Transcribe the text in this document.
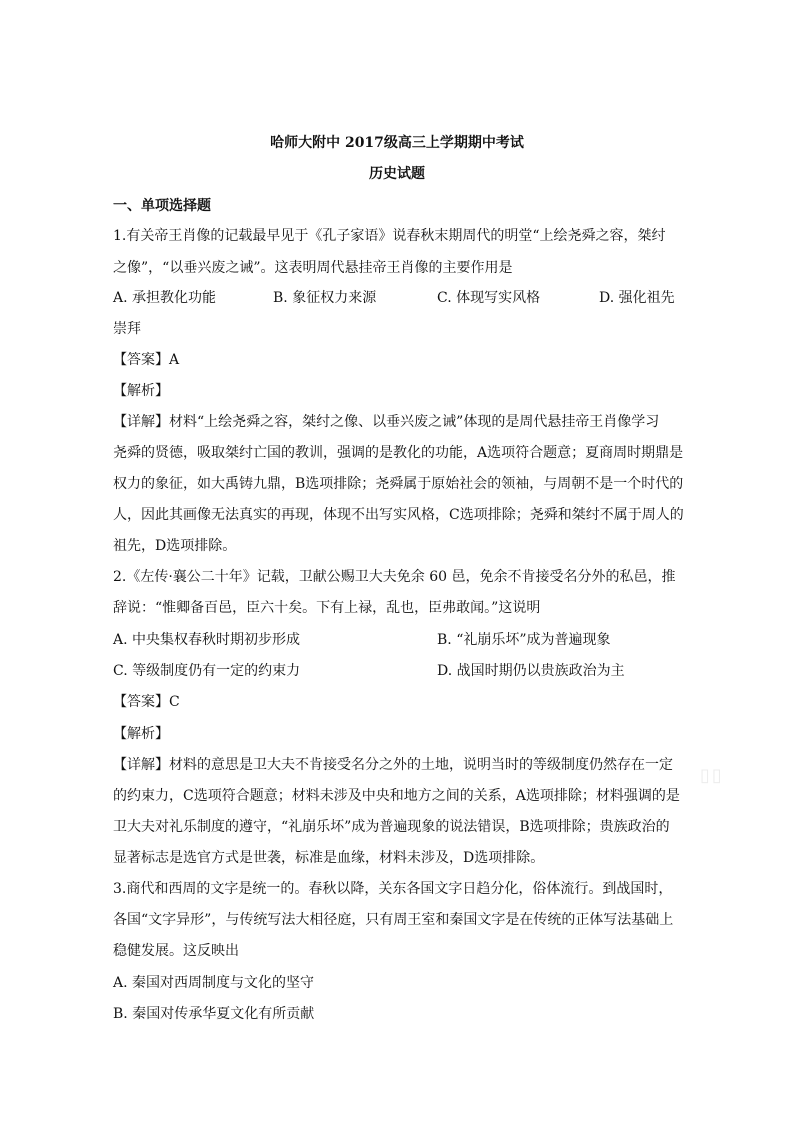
哈师大附中 2017级高三上学期期中考试
历史试题
一、单项选择题
1.有关帝王肖像的记载最早见于《孔子家语》说春秋末期周代的明堂“上绘尧舜之容，桀纣
之像”，“以垂兴废之诫”。这表明周代悬挂帝王肖像的主要作用是
A. 承担教化功能	B. 象征权力来源	C. 体现写实风格	D. 强化祖先
崇拜
【答案】A
【解析】
【详解】材料“上绘尧舜之容，桀纣之像、以垂兴废之诫”体现的是周代悬挂帝王肖像学习
尧舜的贤德，吸取桀纣亡国的教训，强调的是教化的功能，A选项符合题意；夏商周时期鼎是
权力的象征，如大禹铸九鼎，B选项排除；尧舜属于原始社会的领袖，与周朝不是一个时代的
人，因此其画像无法真实的再现，体现不出写实风格，C选项排除；尧舜和桀纣不属于周人的
祖先，D选项排除。
2.《左传·襄公二十年》记载，卫献公赐卫大夫免余 60 邑，免余不肯接受名分外的私邑，推
辞说：“惟卿备百邑，臣六十矣。下有上禄，乱也，臣弗敢闻。”这说明
A. 中央集权春秋时期初步形成	B. “礼崩乐坏”成为普遍现象
C. 等级制度仍有一定的约束力	D. 战国时期仍以贵族政治为主
【答案】C
【解析】
【详解】材料的意思是卫大夫不肯接受名分之外的土地，说明当时的等级制度仍然存在一定
的约束力，C选项符合题意；材料未涉及中央和地方之间的关系，A选项排除；材料强调的是
卫大夫对礼乐制度的遵守，“礼崩乐坏”成为普遍现象的说法错误，B选项排除；贵族政治的
显著标志是选官方式是世袭，标准是血缘，材料未涉及，D选项排除。
3.商代和西周的文字是统一的。春秋以降，关东各国文字日趋分化，俗体流行。到战国时，
各国“文字异形”，与传统写法大相径庭，只有周王室和秦国文字是在传统的正体写法基础上
稳健发展。这反映出
A. 秦国对西周制度与文化的坚守
B. 秦国对传承华夏文化有所贡献
▯▯
